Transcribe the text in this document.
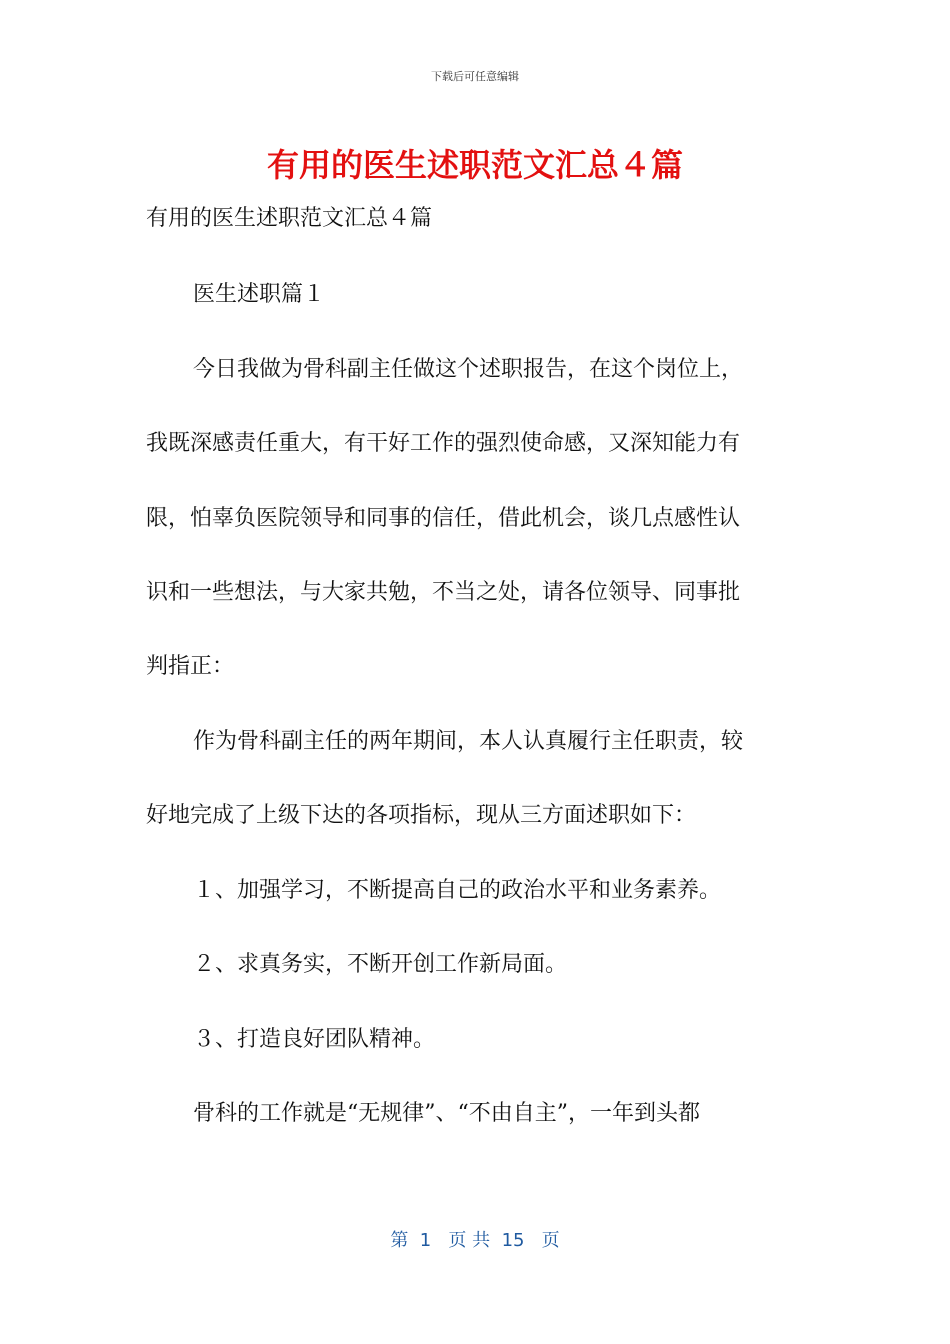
下载后可任意编辑
有用的医生述职范文汇总４篇
有用的医生述职范文汇总４篇
医生述职篇１
今日我做为骨科副主任做这个述职报告，在这个岗位上，
我既深感责任重大，有干好工作的强烈使命感，又深知能力有
限，怕辜负医院领导和同事的信任，借此机会，谈几点感性认
识和一些想法，与大家共勉，不当之处，请各位领导、同事批
判指正：
作为骨科副主任的两年期间，本人认真履行主任职责，较
好地完成了上级下达的各项指标，现从三方面述职如下：
１、加强学习，不断提高自己的政治水平和业务素养。
２、求真务实，不断开创工作新局面。
３、打造良好团队精神。
骨科的工作就是“无规律”、“不由自主”，一年到头都
第  1   页 共  15   页
